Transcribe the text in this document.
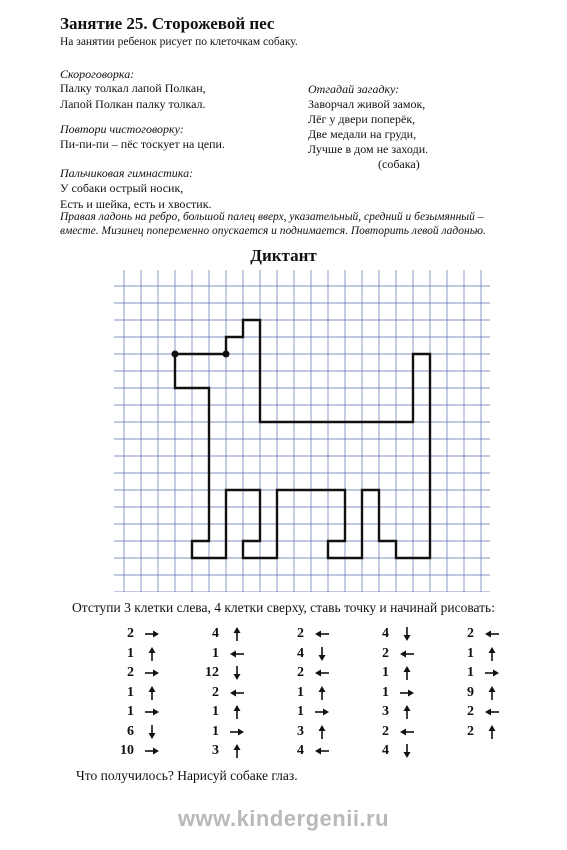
Занятие 25. Сторожевой пес
На занятии ребенок рисует по клеточкам собаку.
Скороговорка:
Палку толкал лапой Полкан,
Лапой Полкан палку толкал.
Повтори чистоговорку:
Пи-пи-пи – пёс тоскует на цепи.
Пальчиковая гимнастика:
У собаки острый носик,
Есть и шейка, есть и хвостик.
Правая ладонь на ребро, большой палец вверх, указательный, средний и безымянный –
вместе. Мизинец попеременно опускается и поднимается. Повторить левой ладонью.
Отгадай загадку:
Заворчал живой замок,
Лёг у двери поперёк,
Две медали на груди,
Лучше в дом не заходи.
(собака)
Диктант
Отступи 3 клетки слева, 4 клетки сверху, ставь точку и начинай рисовать:
2
1
2
1
1
6
10
4
1
12
2
1
1
3
2
4
2
1
1
3
4
4
2
1
1
3
2
4
2
1
1
9
2
2
Что получилось? Нарисуй собаке глаз.
www.kindergenii.ru
